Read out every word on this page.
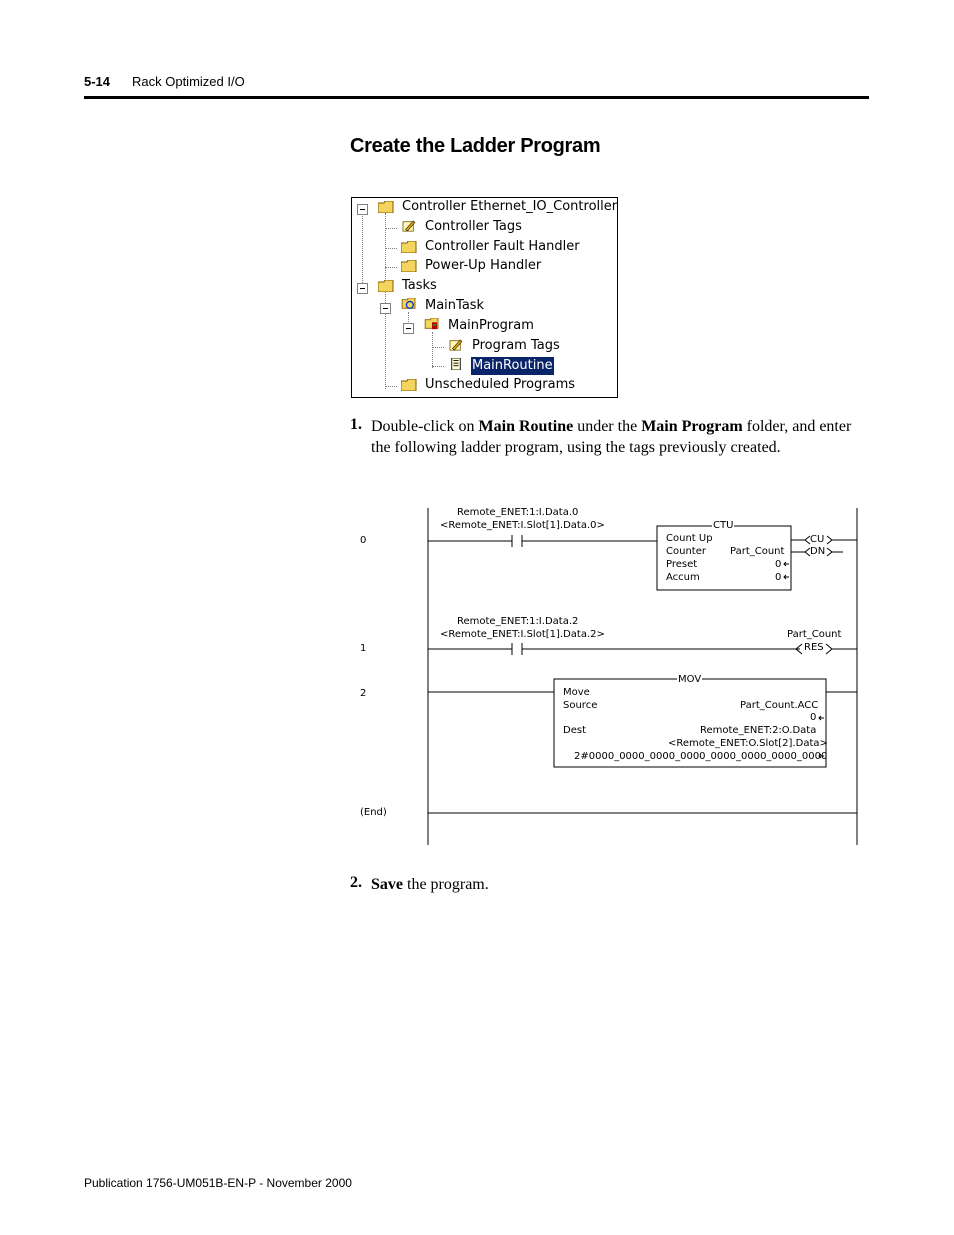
5-14 Rack Optimized I/O
Create the Ladder Program
Controller Ethernet_IO_Controller
Controller Tags
Controller Fault Handler
Power-Up Handler
Tasks
MainTask
MainProgram
Program Tags
MainRoutine
Unscheduled Programs
1. Double-click on Main Routine under the Main Program folder, and enter the following ladder program, using the tags previously created.
0
1
2
(End)
Remote_ENET:1:I.Data.0
<Remote_ENET:I.Slot[1].Data.0>	CTU
Count Up
Counter Part_Count
Preset	0
Accum	0
CU
DN
Remote_ENET:1:I.Data.2
<Remote_ENET:I.Slot[1].Data.2>	Part_Count
RES
MOV
Move
Source	Part_Count.ACC
0
Dest	Remote_ENET:2:O.Data
<Remote_ENET:O.Slot[2].Data>
2#0000_0000_0000_0000_0000_0000_0000_0000
2. Save the program.
Publication 1756-UM051B-EN-P - November 2000
